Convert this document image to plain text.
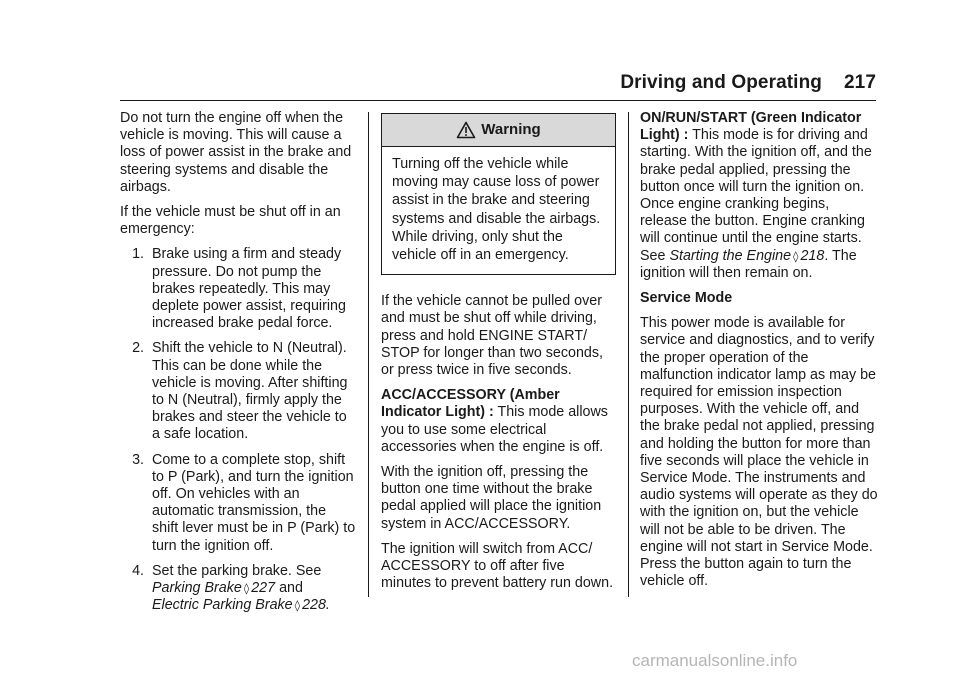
Driving and Operating 217

Do not turn the engine off when the vehicle is moving. This will cause a loss of power assist in the brake and steering systems and disable the airbags.

If the vehicle must be shut off in an emergency:

1. Brake using a firm and steady pressure. Do not pump the brakes repeatedly. This may deplete power assist, requiring increased brake pedal force.
2. Shift the vehicle to N (Neutral). This can be done while the vehicle is moving. After shifting to N (Neutral), firmly apply the brakes and steer the vehicle to a safe location.
3. Come to a complete stop, shift to P (Park), and turn the ignition off. On vehicles with an automatic transmission, the shift lever must be in P (Park) to turn the ignition off.
4. Set the parking brake. See
Parking Brake ◊ 227 and
Electric Parking Brake ◊ 228.
Warning
Turning off the vehicle while moving may cause loss of power assist in the brake and steering systems and disable the airbags. While driving, only shut the vehicle off in an emergency.

If the vehicle cannot be pulled over and must be shut off while driving, press and hold ENGINE START/ STOP for longer than two seconds, or press twice in five seconds.

ACC/ACCESSORY (Amber Indicator Light) : This mode allows you to use some electrical accessories when the engine is off.

With the ignition off, pressing the button one time without the brake pedal applied will place the ignition system in ACC/ACCESSORY.

The ignition will switch from ACC/ ACCESSORY to off after five minutes to prevent battery run down.

ON/RUN/START (Green Indicator Light) : This mode is for driving and starting. With the ignition off, and the brake pedal applied, pressing the button once will turn the ignition on. Once engine cranking begins, release the button. Engine cranking will continue until the engine starts. See Starting the Engine ◊ 218. The ignition will then remain on.

Service Mode

This power mode is available for service and diagnostics, and to verify the proper operation of the malfunction indicator lamp as may be required for emission inspection purposes. With the vehicle off, and the brake pedal not applied, pressing and holding the button for more than five seconds will place the vehicle in Service Mode. The instruments and audio systems will operate as they do with the ignition on, but the vehicle will not be able to be driven. The engine will not start in Service Mode. Press the button again to turn the vehicle off.

carmanualsonline.info
